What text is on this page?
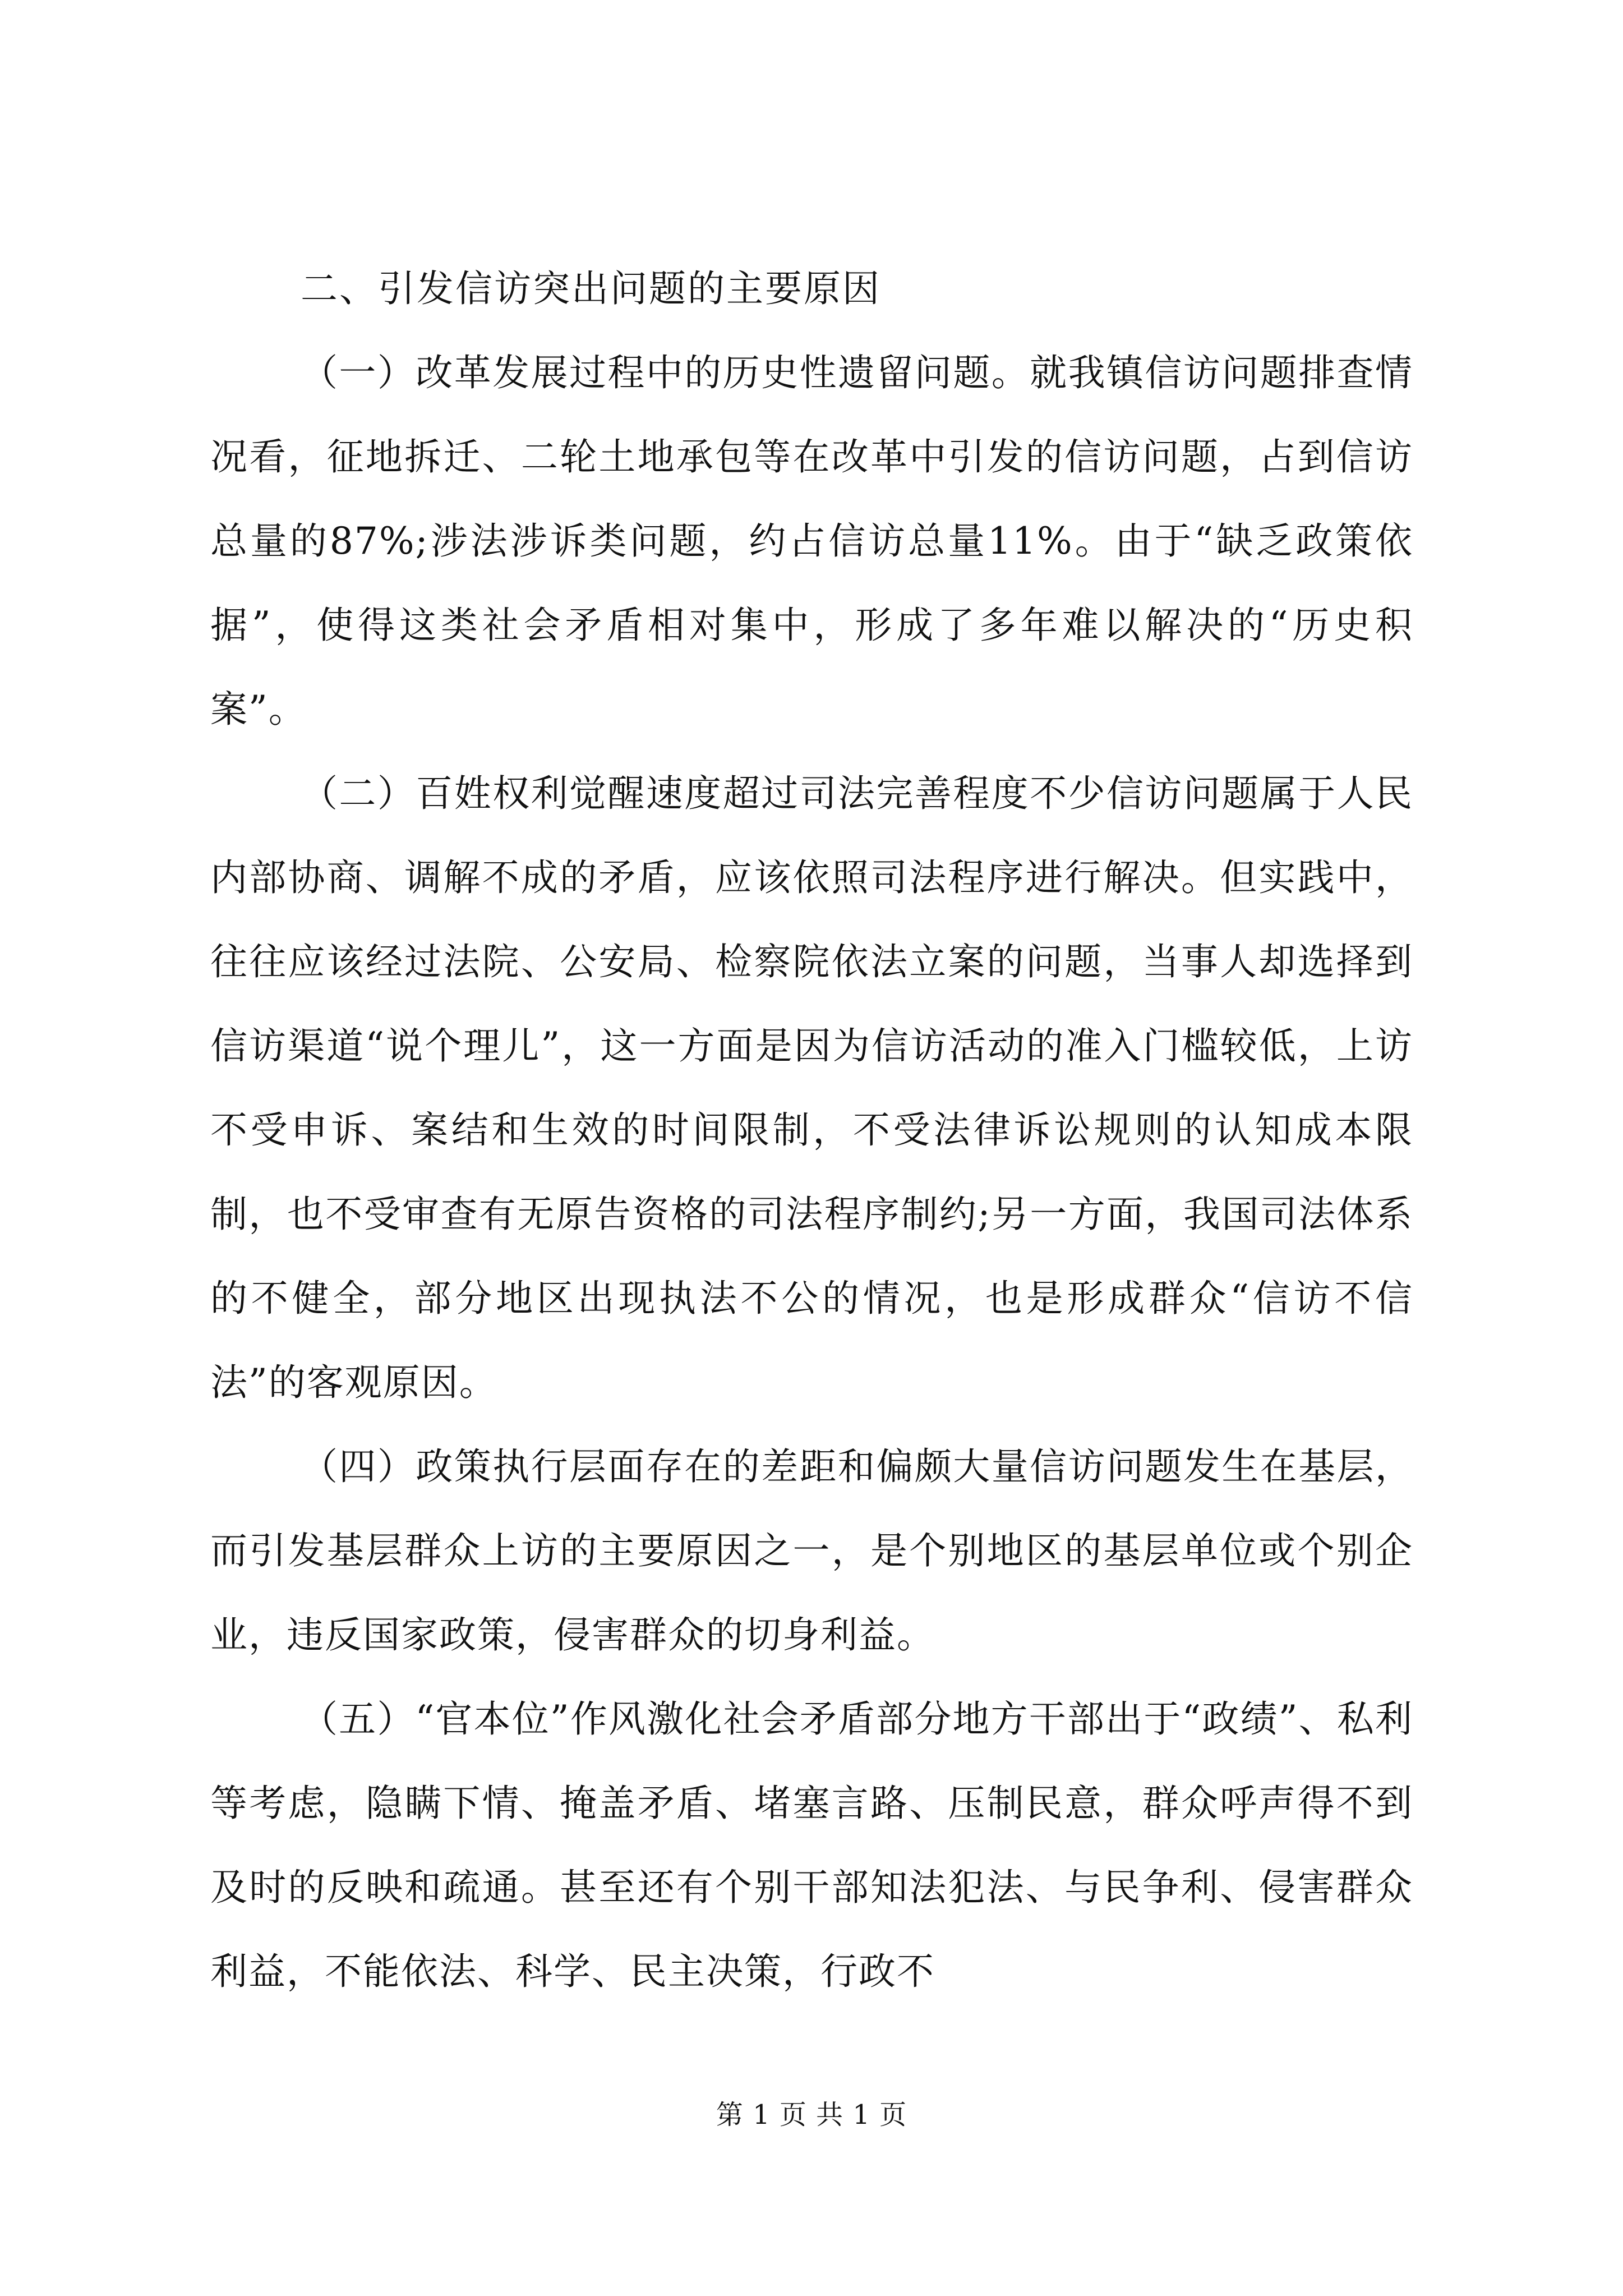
二、引发信访突出问题的主要原因

（一）改革发展过程中的历史性遗留问题。就我镇信访问题排查情况看，征地拆迁、二轮土地承包等在改革中引发的信访问题，占到信访总量的87%;涉法涉诉类问题，约占信访总量11%。由于“缺乏政策依据”，使得这类社会矛盾相对集中，形成了多年难以解决的“历史积案”。

（二）百姓权利觉醒速度超过司法完善程度不少信访问题属于人民内部协商、调解不成的矛盾，应该依照司法程序进行解决。但实践中，往往应该经过法院、公安局、检察院依法立案的问题，当事人却选择到信访渠道“说个理儿”，这一方面是因为信访活动的准入门槛较低，上访不受申诉、案结和生效的时间限制，不受法律诉讼规则的认知成本限制，也不受审查有无原告资格的司法程序制约;另一方面，我国司法体系的不健全，部分地区出现执法不公的情况，也是形成群众“信访不信法”的客观原因。

（四）政策执行层面存在的差距和偏颇大量信访问题发生在基层，而引发基层群众上访的主要原因之一，是个别地区的基层单位或个别企业，违反国家政策，侵害群众的切身利益。

（五）“官本位”作风激化社会矛盾部分地方干部出于“政绩”、私利等考虑，隐瞒下情、掩盖矛盾、堵塞言路、压制民意，群众呼声得不到及时的反映和疏通。甚至还有个别干部知法犯法、与民争利、侵害群众利益，不能依法、科学、民主决策，行政不

第 1 页 共 1 页
